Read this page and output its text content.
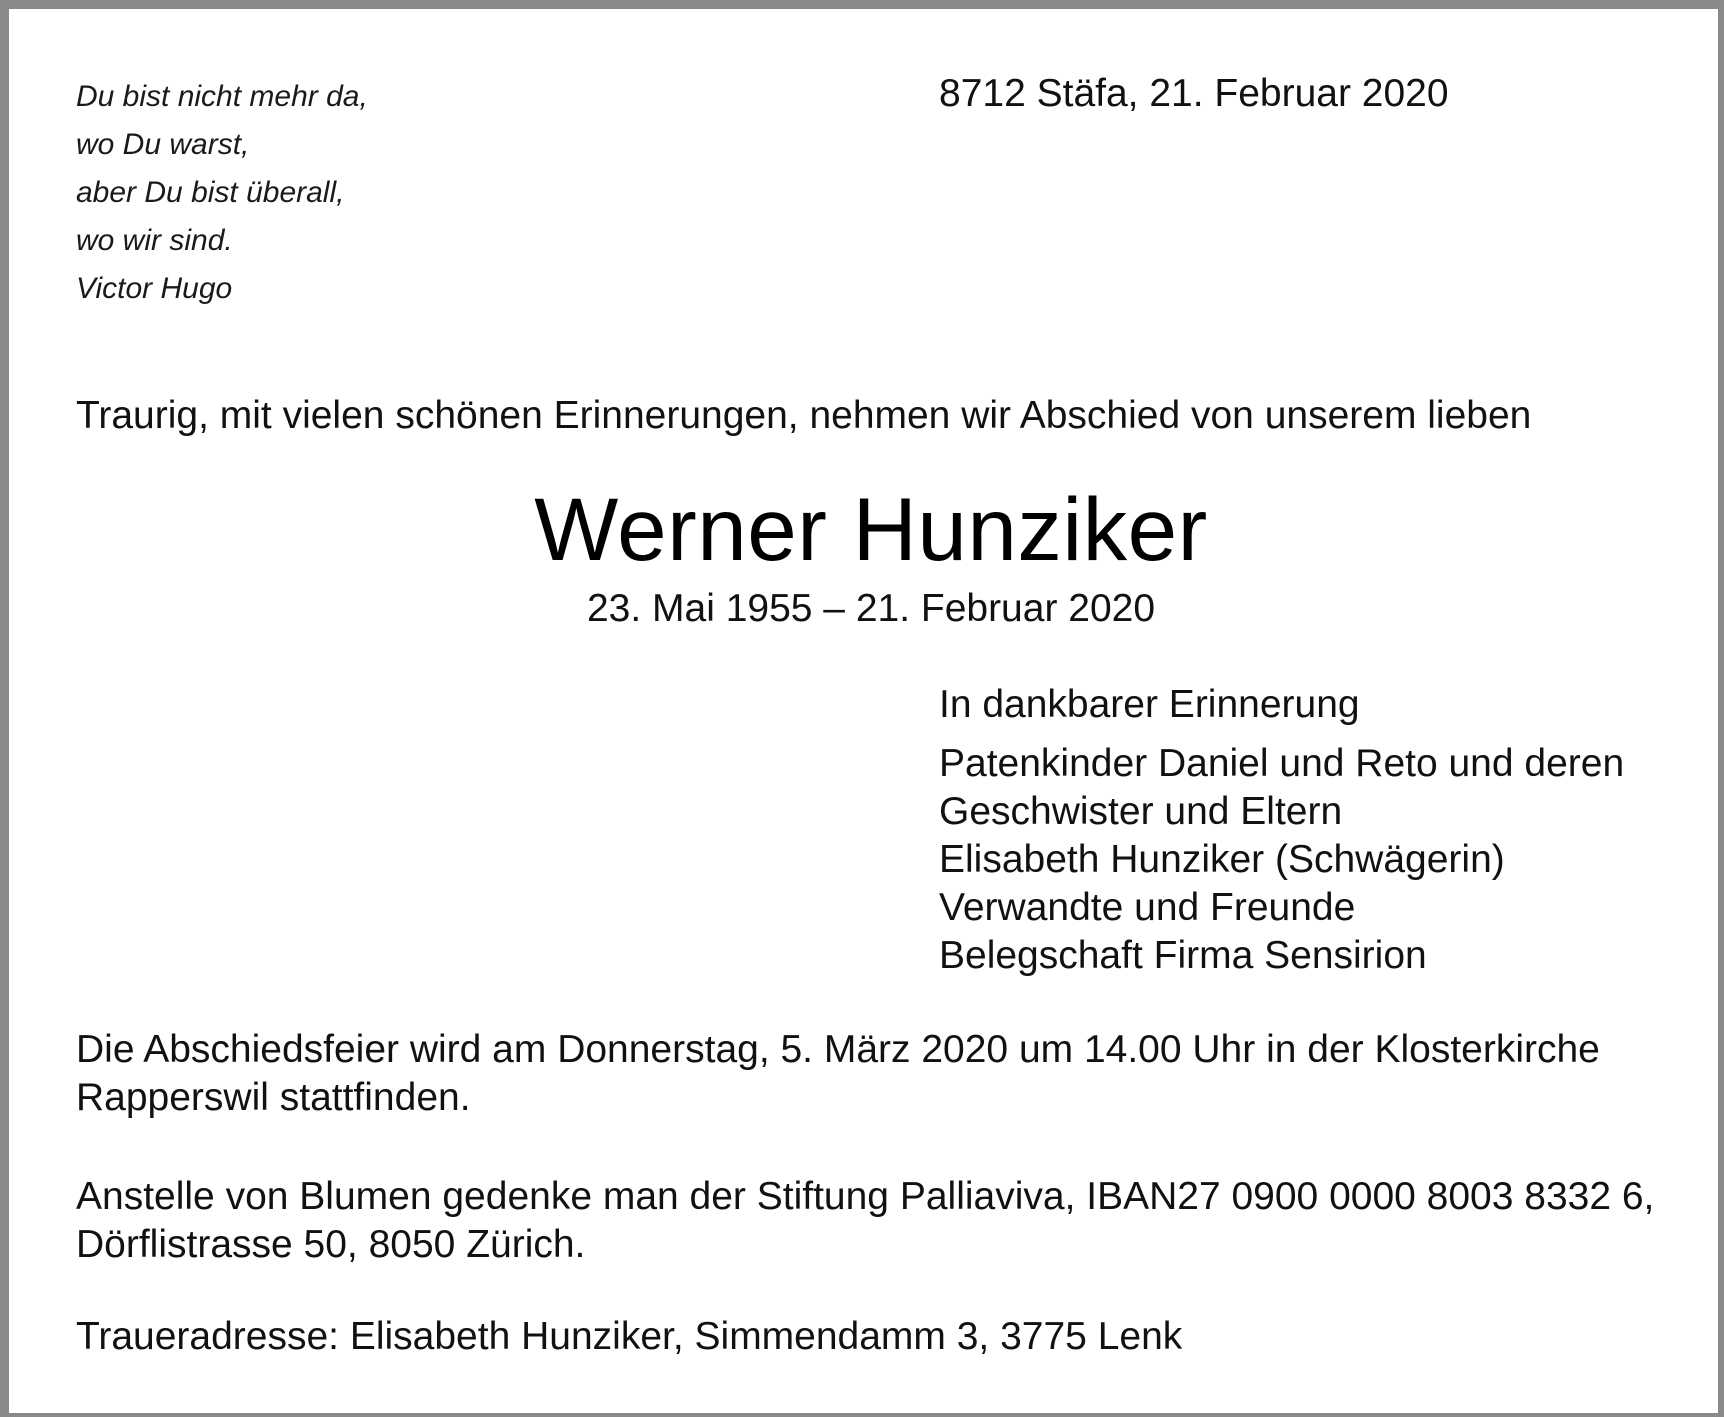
Du bist nicht mehr da,
wo Du warst,
aber Du bist überall,
wo wir sind.
Victor Hugo
8712 Stäfa, 21. Februar 2020
Traurig, mit vielen schönen Erinnerungen, nehmen wir Abschied von unserem lieben
Werner Hunziker
23. Mai 1955 – 21. Februar 2020
In dankbarer Erinnerung
Patenkinder Daniel und Reto und deren
Geschwister und Eltern
Elisabeth Hunziker (Schwägerin)
Verwandte und Freunde
Belegschaft Firma Sensirion
Die Abschiedsfeier wird am Donnerstag, 5. März 2020 um 14.00 Uhr in der Klosterkirche
Rapperswil stattfinden.
Anstelle von Blumen gedenke man der Stiftung Palliaviva, IBAN27 0900 0000 8003 8332 6,
Dörflistrasse 50, 8050 Zürich.
Traueradresse: Elisabeth Hunziker, Simmendamm 3, 3775 Lenk
